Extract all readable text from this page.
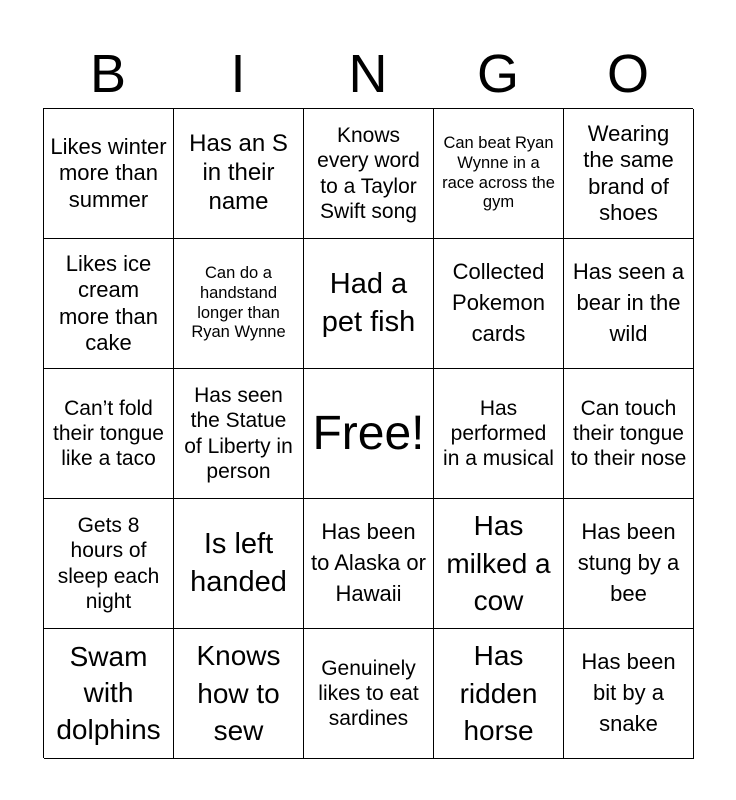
B	I	N	G	O
Likes winter more than summer
Has an S in their name
Knows every word to a Taylor Swift song
Can beat Ryan Wynne in a race across the gym
Wearing the same brand of shoes
Likes ice cream more than cake
Can do a handstand longer than Ryan Wynne
Had a pet fish
Collected Pokemon cards
Has seen a bear in the wild
Can’t fold their tongue like a taco
Has seen the Statue of Liberty in person
Free!	Has performed in a musical
Can touch their tongue to their nose
Gets 8 hours of sleep each night
Is left handed
Has been to Alaska or Hawaii
Has milked a cow
Has been stung by a bee
Swam with dolphins
Knows how to sew
Genuinely likes to eat sardines
Has ridden horse
Has been bit by a snake
